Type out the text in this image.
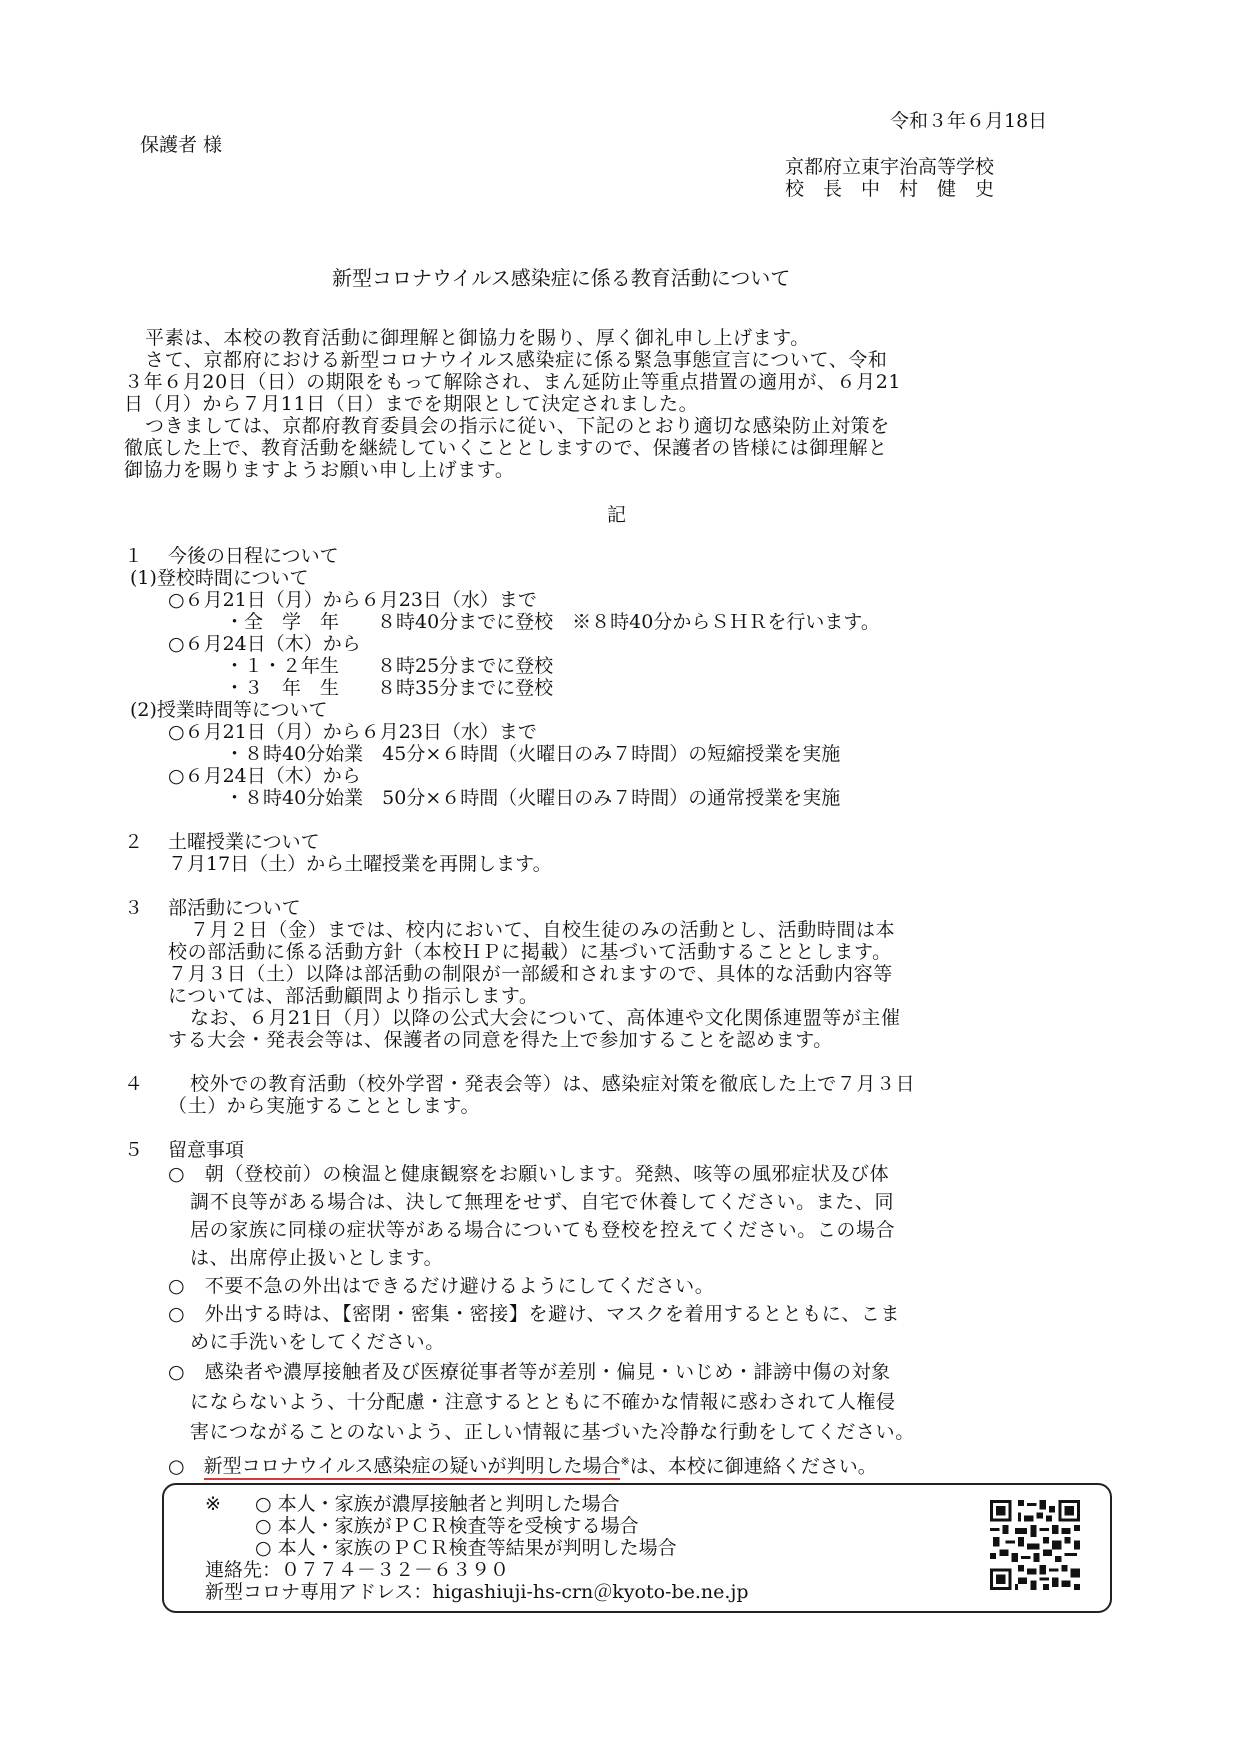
令和３年６月18日
保護者 様
京都府立東宇治高等学校
校　長　中　村　健　史
新型コロナウイルス感染症に係る教育活動について
平素は、本校の教育活動に御理解と御協力を賜り、厚く御礼申し上げます。
さて、京都府における新型コロナウイルス感染症に係る緊急事態宣言について、令和
３年６月20日（日）の期限をもって解除され、まん延防止等重点措置の適用が、６月21
日（月）から７月11日（日）までを期限として決定されました。
つきましては、京都府教育委員会の指示に従い、下記のとおり適切な感染防止対策を
徹底した上で、教育活動を継続していくこととしますので、保護者の皆様には御理解と
御協力を賜りますようお願い申し上げます。
記
１ 今後の日程について
(1)登校時間について
○６月21日（月）から６月23日（水）まで
・全　学　年　　８時40分までに登校　※８時40分からＳＨＲを行います。
○６月24日（木）から
・１・２年生　　８時25分までに登校
・３　年　生　　８時35分までに登校
(2)授業時間等について
○６月21日（月）から６月23日（水）まで
・８時40分始業　45分×６時間（火曜日のみ７時間）の短縮授業を実施
○６月24日（木）から
・８時40分始業　50分×６時間（火曜日のみ７時間）の通常授業を実施
２ 土曜授業について
７月17日（土）から土曜授業を再開します。
３ 部活動について
７月２日（金）までは、校内において、自校生徒のみの活動とし、活動時間は本
校の部活動に係る活動方針（本校ＨＰに掲載）に基づいて活動することとします。
７月３日（土）以降は部活動の制限が一部緩和されますので、具体的な活動内容等
については、部活動顧問より指示します。
なお、６月21日（月）以降の公式大会について、高体連や文化関係連盟等が主催
する大会・発表会等は、保護者の同意を得た上で参加することを認めます。
４ 校外での教育活動（校外学習・発表会等）は、感染症対策を徹底した上で７月３日
（土）から実施することとします。
５ 留意事項
○　朝（登校前）の検温と健康観察をお願いします。発熱、咳等の風邪症状及び体
調不良等がある場合は、決して無理をせず、自宅で休養してください。また、同
居の家族に同様の症状等がある場合についても登校を控えてください。この場合
は、出席停止扱いとします。
○　不要不急の外出はできるだけ避けるようにしてください。
○　外出する時は、【密閉・密集・密接】を避け、マスクを着用するとともに、こま
めに手洗いをしてください。
○　感染者や濃厚接触者及び医療従事者等が差別・偏見・いじめ・誹謗中傷の対象
にならないよう、十分配慮・注意するとともに不確かな情報に惑わされて人権侵
害につながることのないよう、正しい情報に基づいた冷静な行動をしてください。
○　 新型コロナウイルス感染症の疑いが判明した場合※は、本校に御連絡ください。
※ ○ 本人・家族が濃厚接触者と判明した場合
○ 本人・家族がＰＣＲ検査等を受検する場合
○ 本人・家族のＰＣＲ検査等結果が判明した場合
連絡先：０７７４－３２－６３９０
新型コロナ専用アドレス：higashiuji-hs-crn＠kyoto-be.ne.jp
